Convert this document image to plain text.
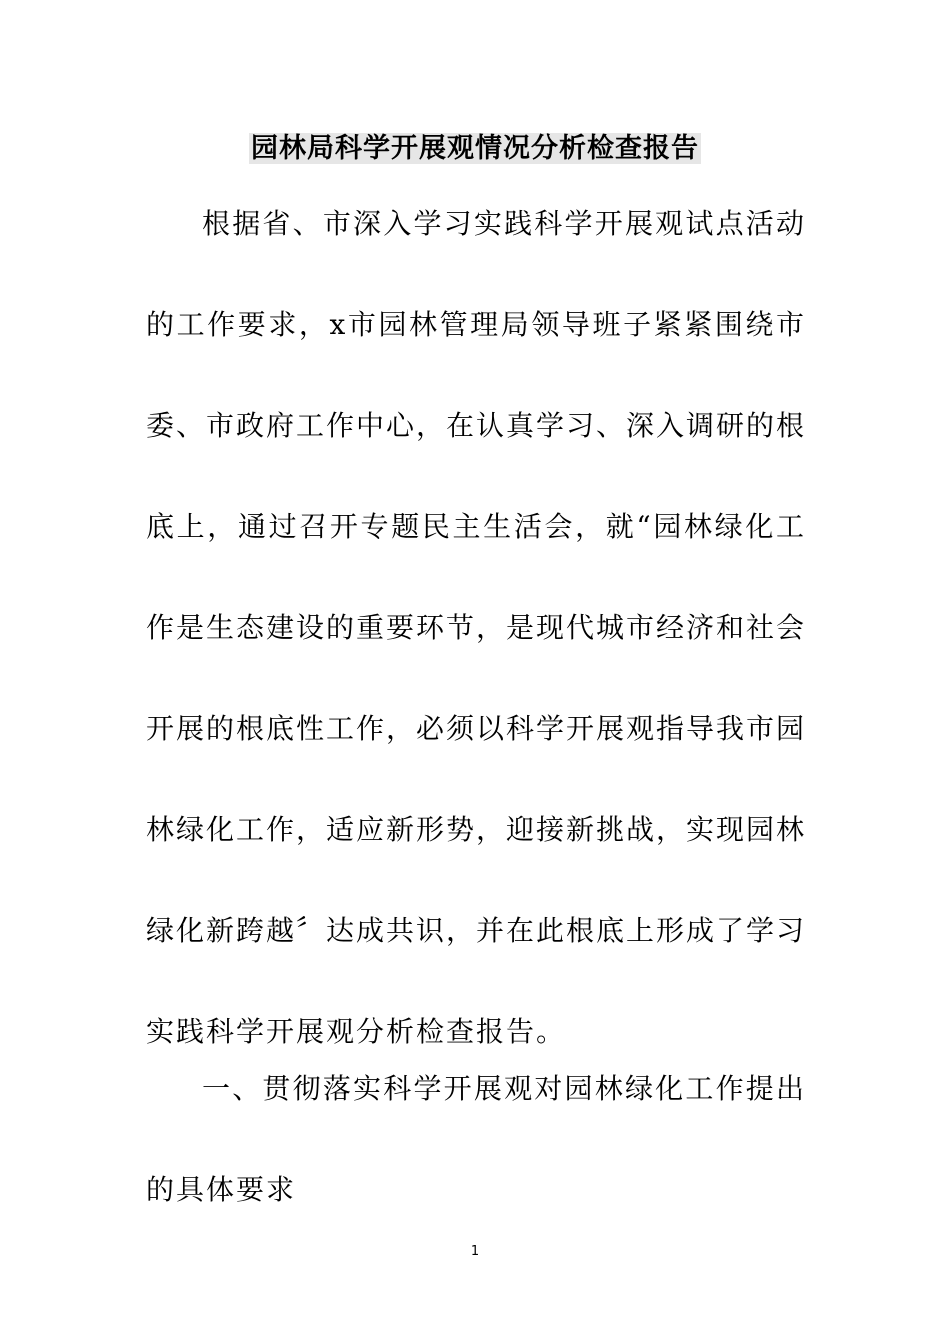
园林局科学开展观情况分析检查报告

根据省、市深入学习实践科学开展观试点活动的工作要求，x市园林管理局领导班子紧紧围绕市委、市政府工作中心，在认真学习、深入调研的根底上，通过召开专题民主生活会，就“园林绿化工作是生态建设的重要环节，是现代城市经济和社会开展的根底性工作，必须以科学开展观指导我市园林绿化工作，适应新形势，迎接新挑战，实现园林绿化新跨越〞达成共识，并在此根底上形成了学习实践科学开展观分析检查报告。

一、贯彻落实科学开展观对园林绿化工作提出的具体要求

1
